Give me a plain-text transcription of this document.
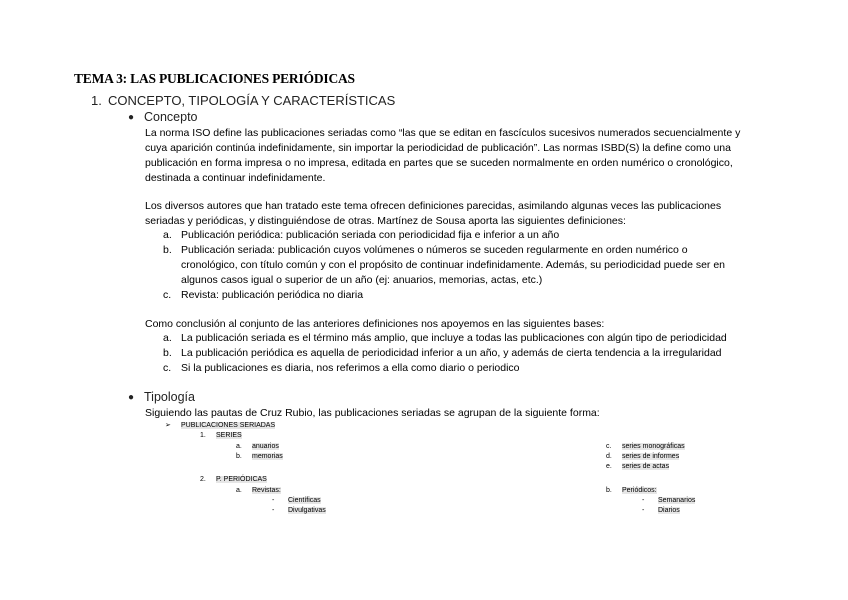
TEMA 3: LAS PUBLICACIONES PERIÓDICAS
1. CONCEPTO, TIPOLOGÍA Y CARACTERÍSTICAS
● Concepto

La norma ISO define las publicaciones seriadas como “las que se editan en fascículos sucesivos numerados secuencialmente y

cuya aparición continúa indefinidamente, sin importar la periodicidad de publicación”. Las normas ISBD(S) la define como una

publicación en forma impresa o no impresa, editada en partes que se suceden normalmente en orden numérico o cronológico,

destinada a continuar indefinidamente.

Los diversos autores que han tratado este tema ofrecen definiciones parecidas, asimilando algunas veces las publicaciones

seriadas y periódicas, y distinguiéndose de otras. Martínez de Sousa aporta las siguientes definiciones:

a. Publicación periódica: publicación seriada con periodicidad fija e inferior a un año
b. Publicación seriada: publicación cuyos volúmenes o números se suceden regularmente en orden numérico o
cronológico, con título común y con el propósito de continuar indefinidamente. Además, su periodicidad puede ser en
algunos casos igual o superior de un año (ej: anuarios, memorias, actas, etc.)
c. Revista: publicación periódica no diaria

Como conclusión al conjunto de las anteriores definiciones nos apoyemos en las siguientes bases:

a. La publicación seriada es el término más amplio, que incluye a todas las publicaciones con algún tipo de periodicidad
b. La publicación periódica es aquella de periodicidad inferior a un año, y además de cierta tendencia a la irregularidad
c. Si la publicaciones es diaria, nos referimos a ella como diario o periodico
● Tipología

Siguiendo las pautas de Cruz Rubio, las publicaciones seriadas se agrupan de la siguiente forma:

➢ PUBLICACIONES SERIADAS
1. SERIES
a. anuarios
b. memorias
c. series monográficas
d. series de informes
e. series de actas
2. P. PERIÓDICAS
a. Revistas:
- Científicas
- Divulgativas
b. Periódicos:
- Semanarios
- Diarios
